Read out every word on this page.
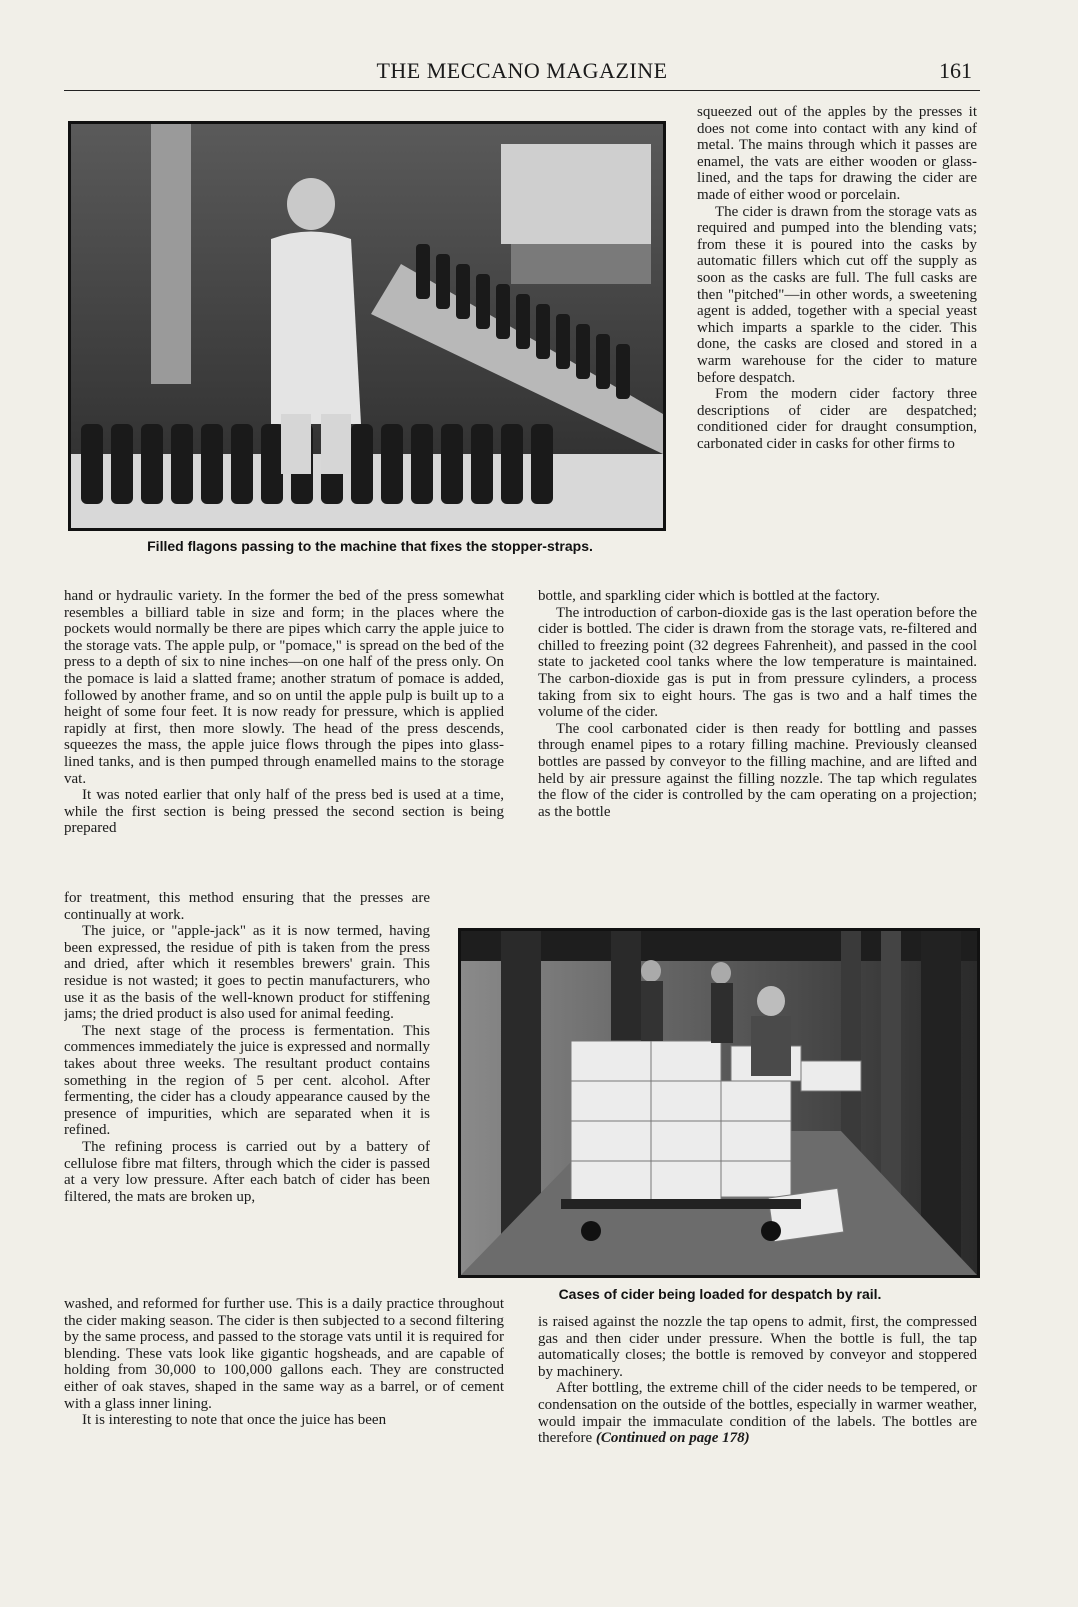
THE MECCANO MAGAZINE	161
Filled flagons passing to the machine that fixes the stopper-straps.

squeezed out of the apples by the presses it does not come into contact with any kind of metal. The mains through which it passes are enamel, the vats are either wooden or glass-lined, and the taps for drawing the cider are made of either wood or porcelain.

The cider is drawn from the storage vats as required and pumped into the blending vats; from these it is poured into the casks by automatic fillers which cut off the supply as soon as the casks are full. The full casks are then "pitched"—in other words, a sweetening agent is added, together with a special yeast which imparts a sparkle to the cider. This done, the casks are closed and stored in a warm warehouse for the cider to mature before despatch.

From the modern cider factory three descriptions of cider are despatched; conditioned cider for draught consumption, carbonated cider in casks for other firms to

hand or hydraulic variety. In the former the bed of the press somewhat resembles a billiard table in size and form; in the places where the pockets would normally be there are pipes which carry the apple juice to the storage vats. The apple pulp, or "pomace," is spread on the bed of the press to a depth of six to nine inches—on one half of the press only. On the pomace is laid a slatted frame; another stratum of pomace is added, followed by another frame, and so on until the apple pulp is built up to a height of some four feet. It is now ready for pressure, which is applied rapidly at first, then more slowly. The head of the press descends, squeezes the mass, the apple juice flows through the pipes into glass-lined tanks, and is then pumped through enamelled mains to the storage vat.

It was noted earlier that only half of the press bed is used at a time, while the first section is being pressed the second section is being prepared

for treatment, this method ensuring that the presses are continually at work.

The juice, or "apple-jack" as it is now termed, having been expressed, the residue of pith is taken from the press and dried, after which it resembles brewers' grain. This residue is not wasted; it goes to pectin manufacturers, who use it as the basis of the well-known product for stiffening jams; the dried product is also used for animal feeding.

The next stage of the process is fermentation. This commences immediately the juice is expressed and normally takes about three weeks. The resultant product contains something in the region of 5 per cent. alcohol. After fermenting, the cider has a cloudy appearance caused by the presence of impurities, which are separated when it is refined.

The refining process is carried out by a battery of cellulose fibre mat filters, through which the cider is passed at a very low pressure. After each batch of cider has been filtered, the mats are broken up,

washed, and reformed for further use. This is a daily practice throughout the cider making season. The cider is then subjected to a second filtering by the same process, and passed to the storage vats until it is required for blending. These vats look like gigantic hogsheads, and are capable of holding from 30,000 to 100,000 gallons each. They are constructed either of oak staves, shaped in the same way as a barrel, or of cement with a glass inner lining.

It is interesting to note that once the juice has been

bottle, and sparkling cider which is bottled at the factory.

The introduction of carbon-dioxide gas is the last operation before the cider is bottled. The cider is drawn from the storage vats, re-filtered and chilled to freezing point (32 degrees Fahrenheit), and passed in the cool state to jacketed cool tanks where the low temperature is maintained. The carbon-dioxide gas is put in from pressure cylinders, a process taking from six to eight hours. The gas is two and a half times the volume of the cider.

The cool carbonated cider is then ready for bottling and passes through enamel pipes to a rotary filling machine. Previously cleansed bottles are passed by conveyor to the filling machine, and are lifted and held by air pressure against the filling nozzle. The tap which regulates the flow of the cider is controlled by the cam operating on a projection; as the bottle

Cases of cider being loaded for despatch by rail.

is raised against the nozzle the tap opens to admit, first, the compressed gas and then cider under pressure. When the bottle is full, the tap automatically closes; the bottle is removed by conveyor and stoppered by machinery.

After bottling, the extreme chill of the cider needs to be tempered, or condensation on the outside of the bottles, especially in warmer weather, would impair the immaculate condition of the labels. The bottles are therefore (Continued on page 178)
